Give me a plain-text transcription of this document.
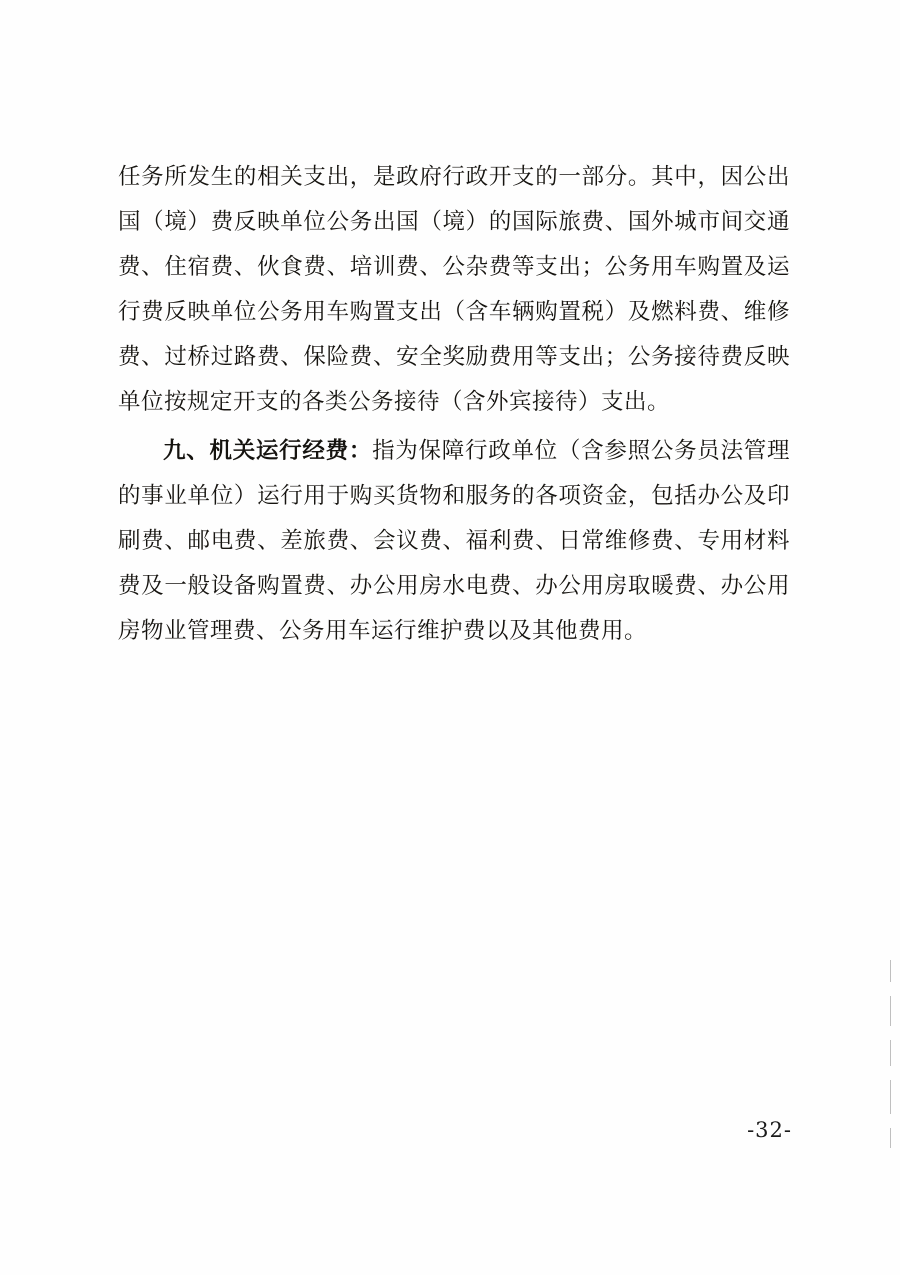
任务所发生的相关支出，是政府行政开支的一部分。其中，因公出国（境）费反映单位公务出国（境）的国际旅费、国外城市间交通费、住宿费、伙食费、培训费、公杂费等支出；公务用车购置及运行费反映单位公务用车购置支出（含车辆购置税）及燃料费、维修费、过桥过路费、保险费、安全奖励费用等支出；公务接待费反映单位按规定开支的各类公务接待（含外宾接待）支出。

九、机关运行经费：指为保障行政单位（含参照公务员法管理的事业单位）运行用于购买货物和服务的各项资金，包括办公及印刷费、邮电费、差旅费、会议费、福利费、日常维修费、专用材料费及一般设备购置费、办公用房水电费、办公用房取暖费、办公用房物业管理费、公务用车运行维护费以及其他费用。

-32-
